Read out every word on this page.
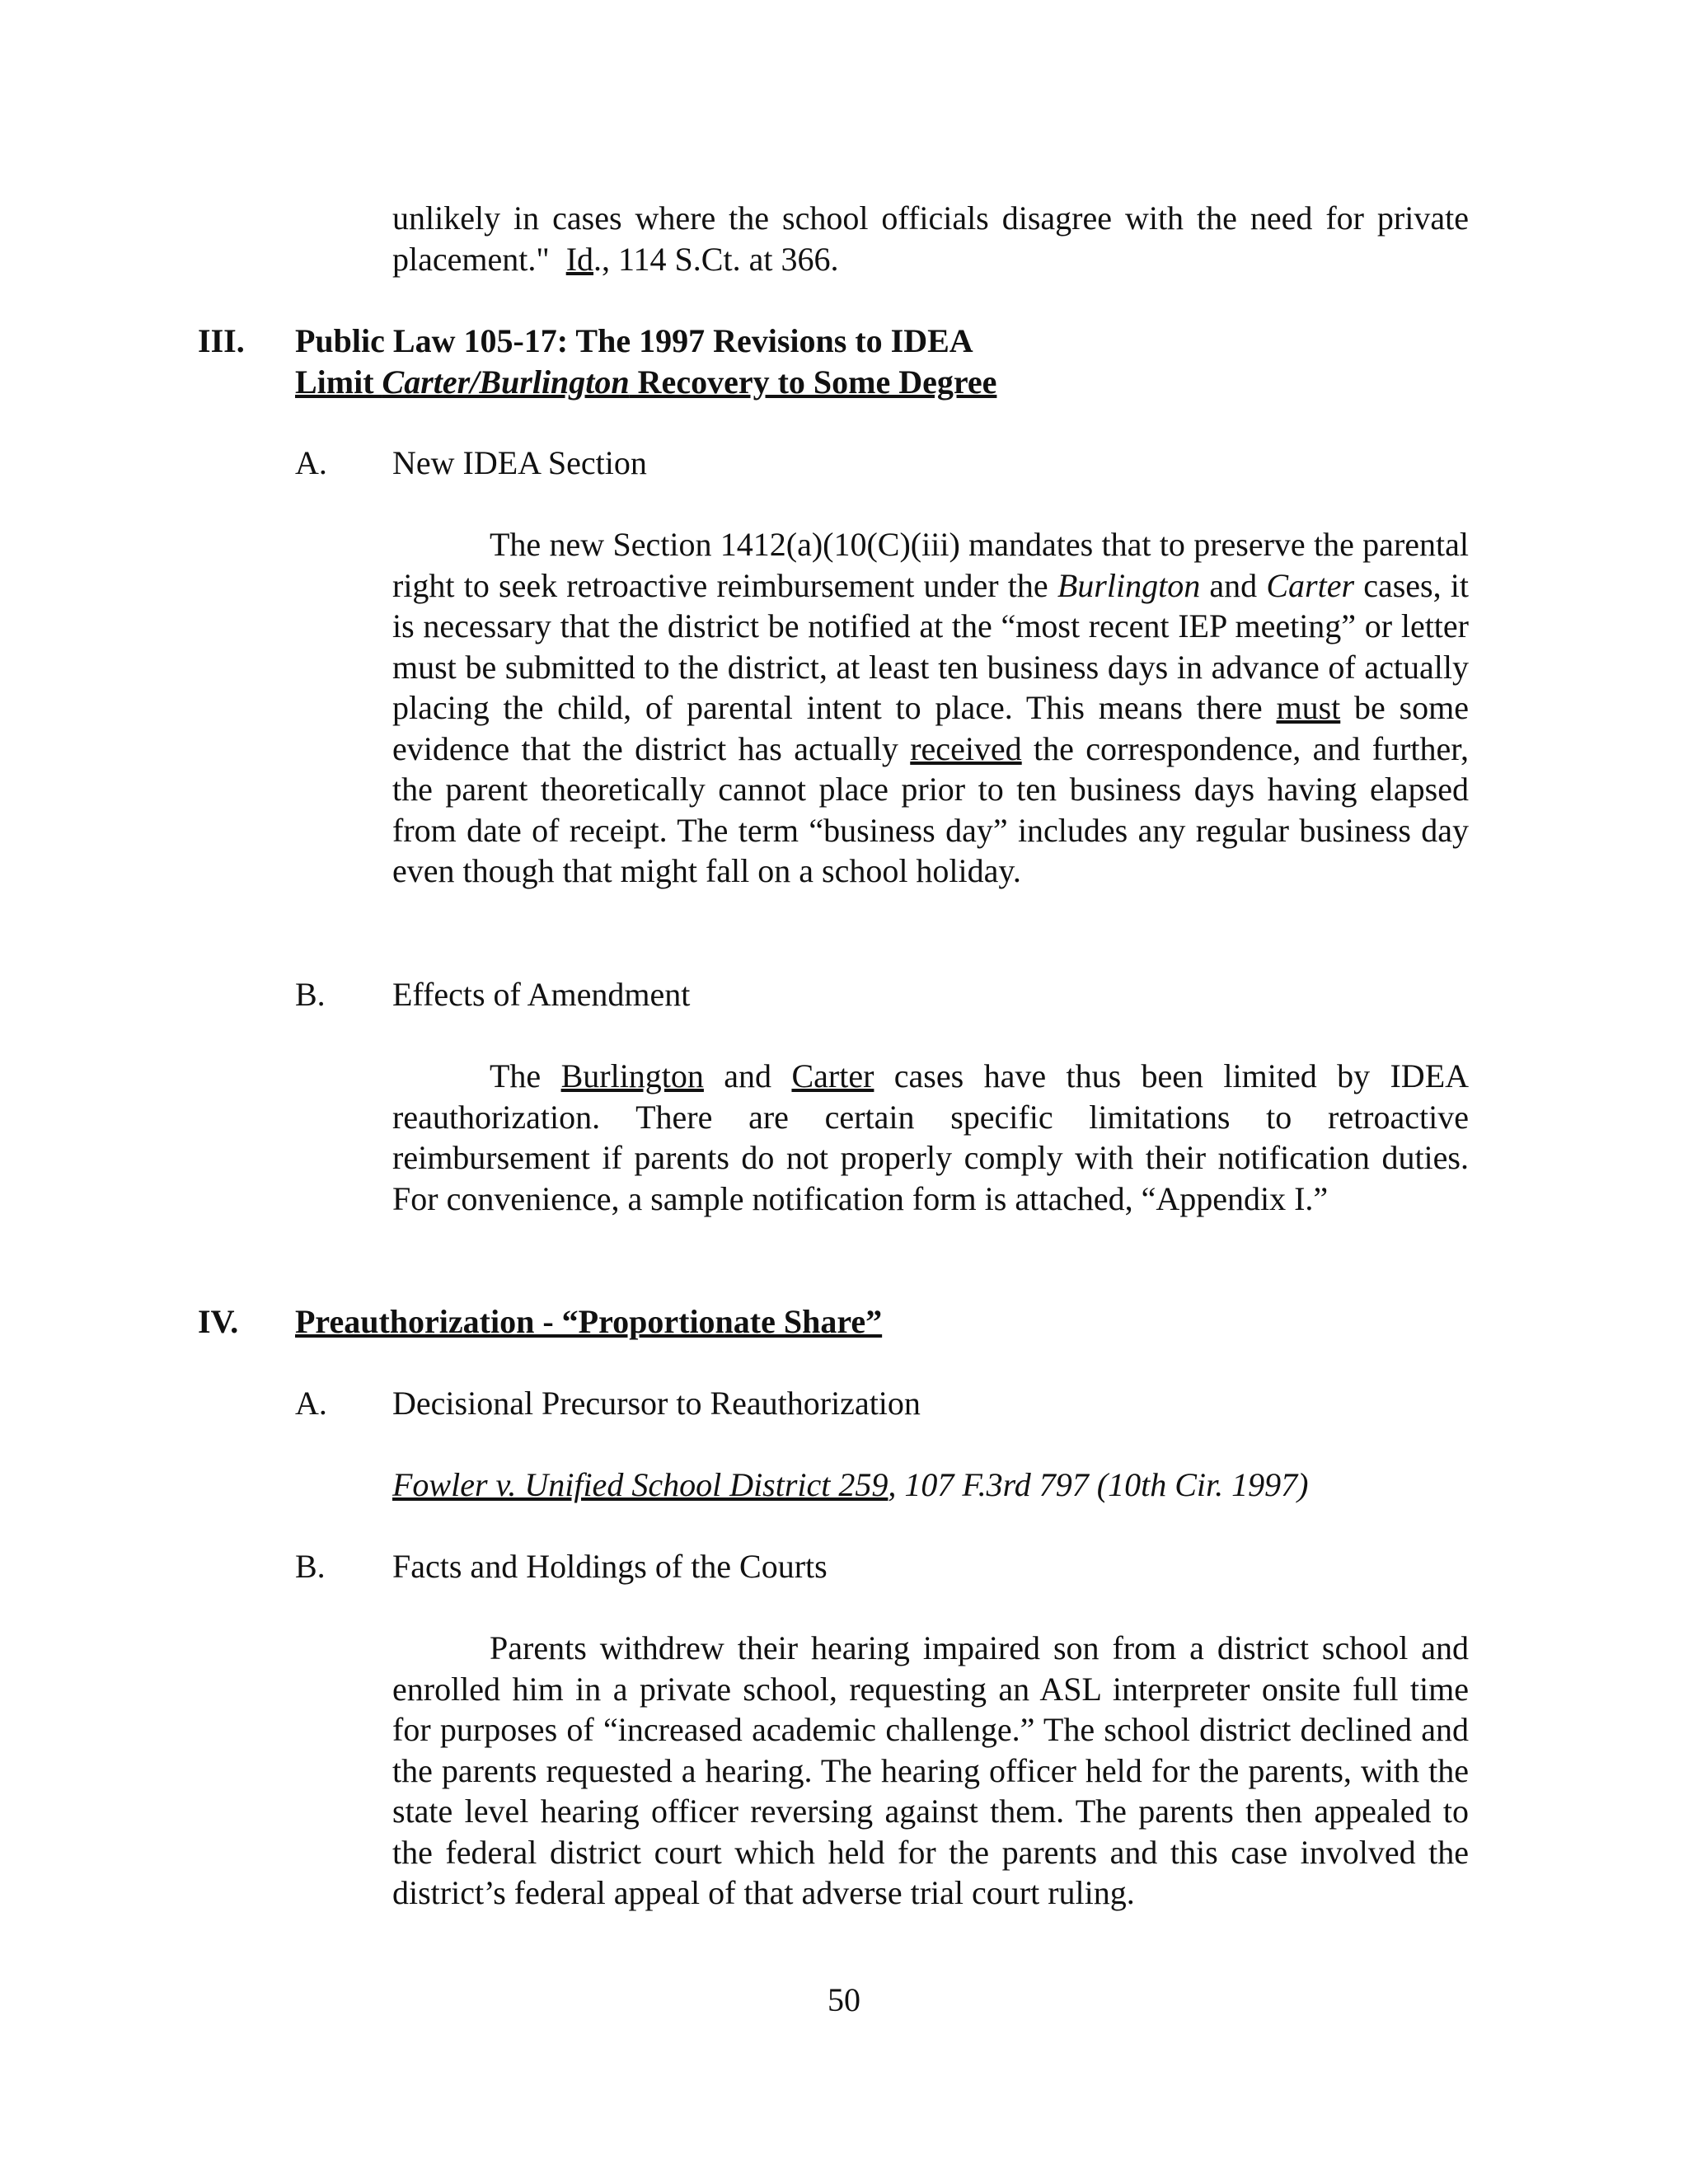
unlikely in cases where the school officials disagree with the need for private placement." Id., 114 S.Ct. at 366.
III. Public Law 105-17: The 1997 Revisions to IDEA
Limit Carter/Burlington Recovery to Some Degree
A. New IDEA Section
The new Section 1412(a)(10(C)(iii) mandates that to preserve the parental right to seek retroactive reimbursement under the Burlington and Carter cases, it is necessary that the district be notified at the “most recent IEP meeting” or letter must be submitted to the district, at least ten business days in advance of actually placing the child, of parental intent to place. This means there must be some evidence that the district has actually received the correspondence, and further, the parent theoretically cannot place prior to ten business days having elapsed from date of receipt. The term “business day” includes any regular business day even though that might fall on a school holiday.
B. Effects of Amendment
The Burlington and Carter cases have thus been limited by IDEA reauthorization. There are certain specific limitations to retroactive reimbursement if parents do not properly comply with their notification duties. For convenience, a sample notification form is attached, “Appendix I.”
IV. Preauthorization - “Proportionate Share”
A. Decisional Precursor to Reauthorization
Fowler v. Unified School District 259, 107 F.3rd 797 (10th Cir. 1997)
B. Facts and Holdings of the Courts
Parents withdrew their hearing impaired son from a district school and enrolled him in a private school, requesting an ASL interpreter onsite full time for purposes of “increased academic challenge.” The school district declined and the parents requested a hearing. The hearing officer held for the parents, with the state level hearing officer reversing against them. The parents then appealed to the federal district court which held for the parents and this case involved the district’s federal appeal of that adverse trial court ruling.
50
